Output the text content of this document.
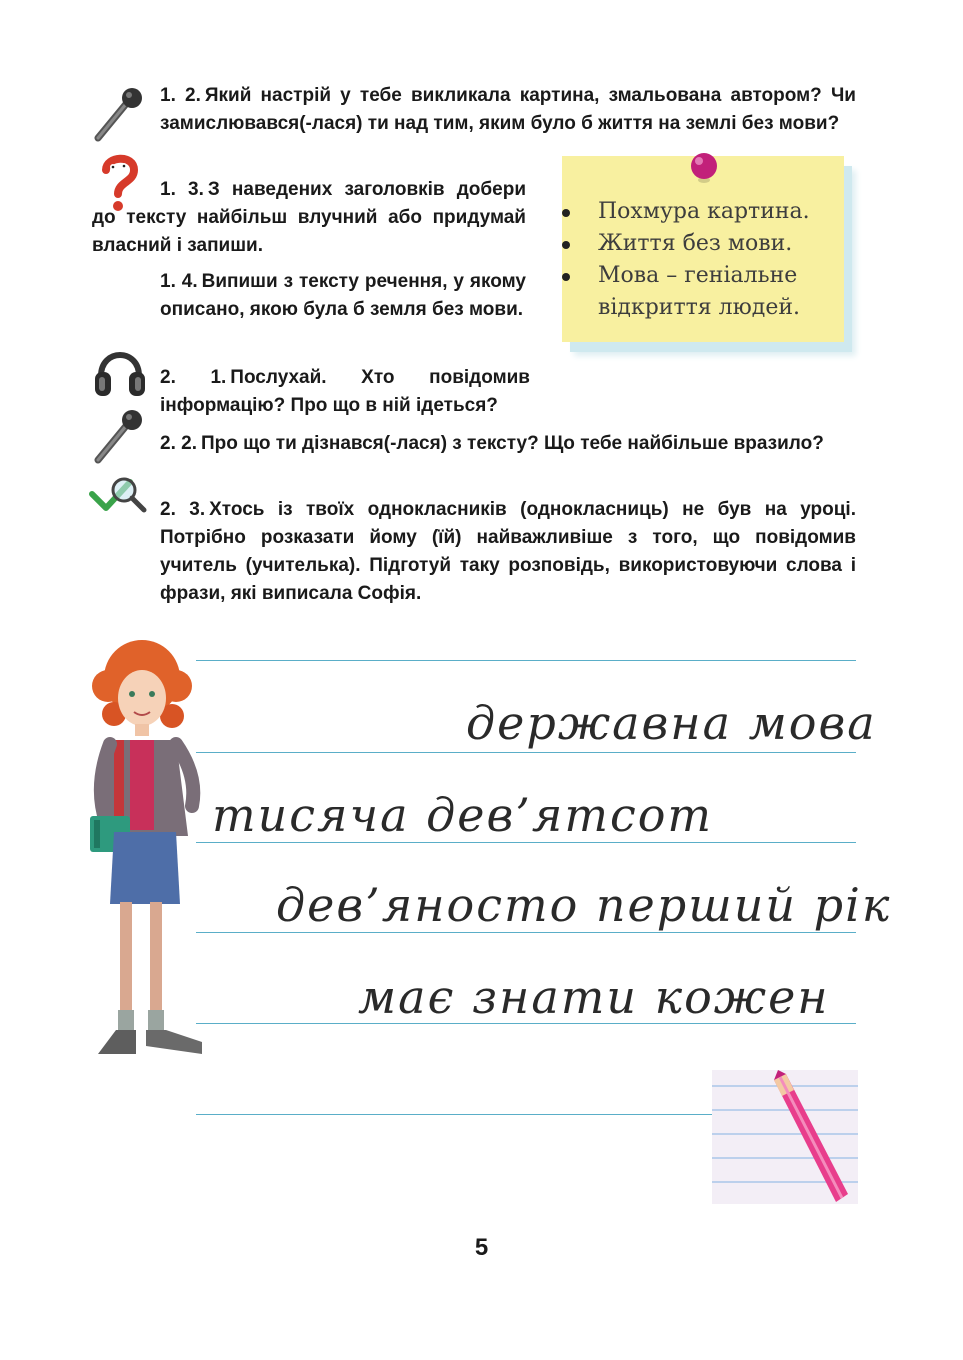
1. 2. Який настрій у тебе викликала картина, змальована автором? Чи замислювався(-лася) ти над тим, яким було б життя на землі без мови?

1. 3. З наведених заголовків добери до тексту найбільш влучний або придумай власний і запиши.

1. 4. Випиши з тексту речення, у якому описано, якою була б земля без мови.

2. 1. Послухай. Хто повідомив інформацію? Про що в ній ідеться?

2. 2. Про що ти дізнався(-лася) з тексту? Що тебе найбільше вразило?

2. 3. Хтось із твоїх однокласників (однокласниць) не був на уроці. Потрібно розказати йому (їй) найважливіше з того, що повідомив учитель (учителька). Підготуй таку розповідь, використовуючи слова і фрази, які виписала Софія.

Похмура картина.
Життя без мови.
Мова – геніальне відкриття людей.
державна мова
тисяча дев’ятсот
дев’яносто перший рік
має знати кожен
5
